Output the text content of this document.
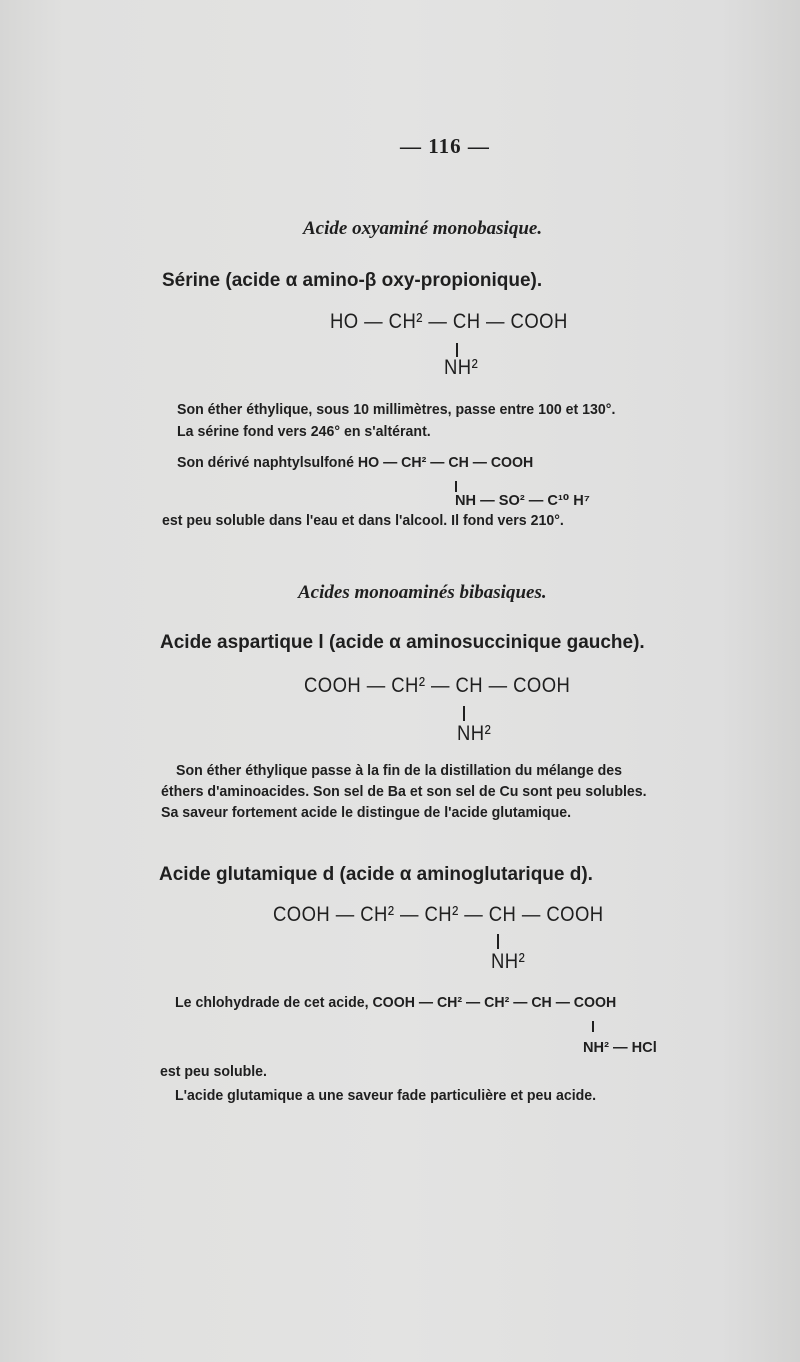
— 116 —
Acide oxyaminé monobasique.
Sérine (acide α amino-β oxy-propionique).
HO — CH² — CH — COOH
NH²
Son éther éthylique, sous 10 millimètres, passe entre 100 et 130°.
La sérine fond vers 246° en s'altérant.
Son dérivé naphtylsulfoné HO — CH² — CH — COOH
NH — SO² — C¹⁰ H⁷
est peu soluble dans l'eau et dans l'alcool. Il fond vers 210°.
Acides monoaminés bibasiques.
Acide aspartique l (acide α aminosuccinique gauche).
COOH — CH² — CH — COOH
NH²
Son éther éthylique passe à la fin de la distillation du mélange des
éthers d'aminoacides. Son sel de Ba et son sel de Cu sont peu solubles.
Sa saveur fortement acide le distingue de l'acide glutamique.
Acide glutamique d (acide α aminoglutarique d).
COOH — CH² — CH² — CH — COOH
NH²
Le chlohydrade de cet acide, COOH — CH² — CH² — CH — COOH
NH² — HCl
est peu soluble.
L'acide glutamique a une saveur fade particulière et peu acide.
